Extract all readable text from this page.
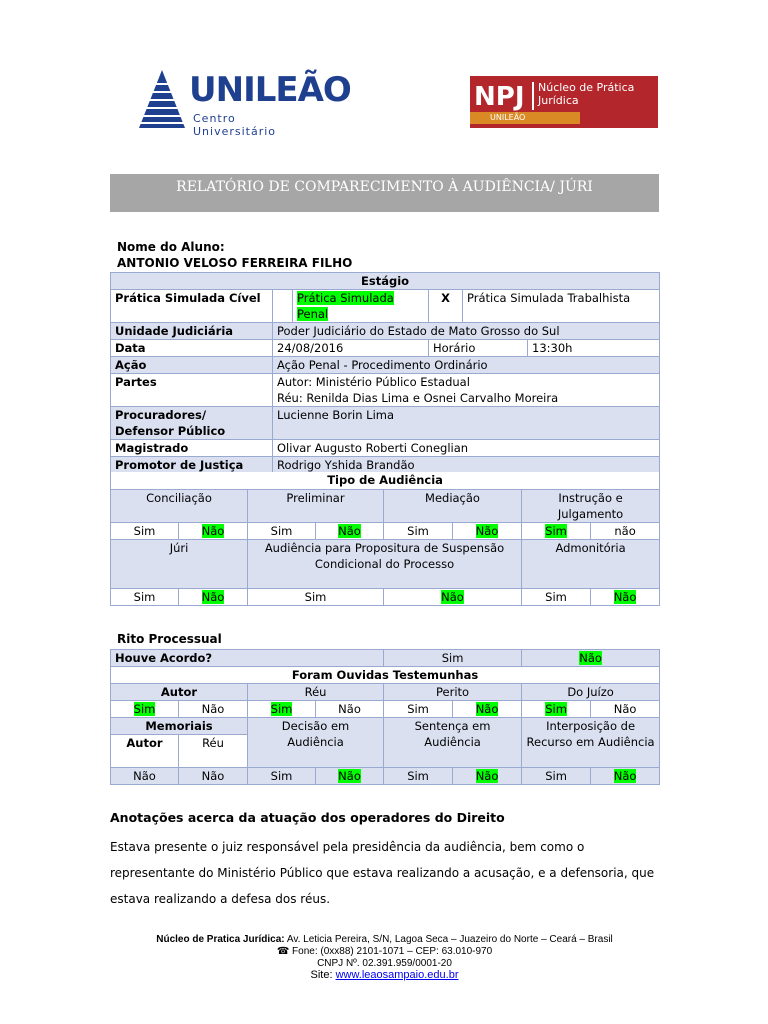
UNILEÃO
Centro Universitário
NPJ Núcleo de Prática
Jurídica
UNILEÃO
RELATÓRIO DE COMPARECIMENTO À AUDIÊNCIA/ JÚRI
Nome do Aluno:
ANTONIO VELOSO FERREIRA FILHO
Estágio					
Prática Simulada Cível		Prática Simulada Penal	X	Prática Simulada Trabalhista	
Unidade Judiciária	Poder Judiciário do Estado de Mato Grosso do Sul				
Data	24/08/2016		Horário		13:30h
Ação	Ação Penal - Procedimento Ordinário				
Partes	Autor: Ministério Público Estadual
Réu: Renilda Dias Lima e Osnei Carvalho Moreira				

Procuradores/ Defensor Público	Lucienne Borin Lima				
Magistrado	Olivar Augusto Roberti Coneglian				
Promotor de Justiça	Rodrigo Yshida Brandão				
Tipo de Audiência							
Conciliação		Preliminar		Mediação		Instrução e Julgamento	
Sim	Não	Sim	Não	Sim	Não	Sim	não
Júri		Audiência para Propositura de Suspensão Condicional do Processo				Admonitória	
Sim	Não	Sim		Não		Sim	Não
Rito Processual
Houve Acordo?				Sim		Não	
Foram Ouvidas Testemunhas							
Autor		Réu		Perito		Do Juízo	
Sim	Não	Sim	Não	Sim	Não	Sim	Não
Memoriais		Decisão em Audiência		Sentença em Audiência		Interposição de Recurso em Audiência	
Autor	Réu						
Não	Não	Sim	Não	Sim	Não	Sim	Não
Anotações acerca da atuação dos operadores do Direito
Estava presente o juiz responsável pela presidência da audiência, bem como o representante do Ministério Público que estava realizando a acusação, e a defensoria, que estava realizando a defesa dos réus.
Núcleo de Pratica Jurídica: Av. Leticia Pereira, S/N, Lagoa Seca – Juazeiro do Norte – Ceará – Brasil
☎ Fone: (0xx88) 2101-1071 – CEP: 63.010-970
CNPJ Nº. 02.391.959/0001-20
Site: www.leaosampaio.edu.br
